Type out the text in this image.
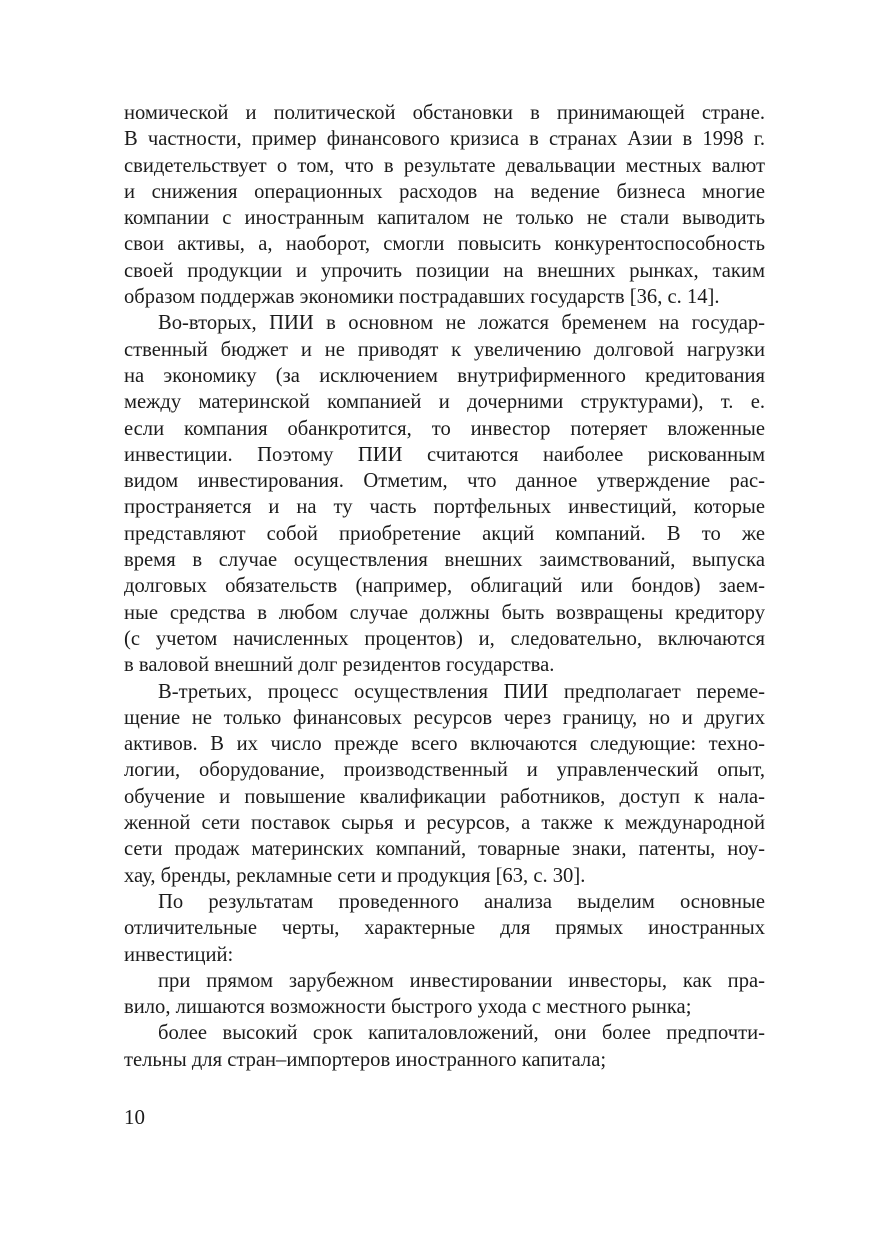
номической и политической обстановки в принимающей стране.
В частности, пример финансового кризиса в странах Азии в 1998 г.
свидетельствует о том, что в результате девальвации местных валют
и снижения операционных расходов на ведение бизнеса многие
компании с иностранным капиталом не только не стали выводить
свои активы, а, наоборот, смогли повысить конкурентоспособность
своей продукции и упрочить позиции на внешних рынках, таким
образом поддержав экономики пострадавших государств [36, с. 14].

Во-вторых, ПИИ в основном не ложатся бременем на государ-
ственный бюджет и не приводят к увеличению долговой нагрузки
на экономику (за исключением внутрифирменного кредитования
между материнской компанией и дочерними структурами), т. е.
если компания обанкротится, то инвестор потеряет вложенные
инвестиции. Поэтому ПИИ считаются наиболее рискованным
видом инвестирования. Отметим, что данное утверждение рас-
пространяется и на ту часть портфельных инвестиций, которые
представляют собой приобретение акций компаний. В то же
время в случае осуществления внешних заимствований, выпуска
долговых обязательств (например, облигаций или бондов) заем-
ные средства в любом случае должны быть возвращены кредитору
(с учетом начисленных процентов) и, следовательно, включаются
в валовой внешний долг резидентов государства.

В-третьих, процесс осуществления ПИИ предполагает переме-
щение не только финансовых ресурсов через границу, но и других
активов. В их число прежде всего включаются следующие: техно-
логии, оборудование, производственный и управленческий опыт,
обучение и повышение квалификации работников, доступ к нала-
женной сети поставок сырья и ресурсов, а также к международной
сети продаж материнских компаний, товарные знаки, патенты, ноу-
хау, бренды, рекламные сети и продукция [63, с. 30].

По результатам проведенного анализа выделим основные
отличительные черты, характерные для прямых иностранных
инвестиций:

при прямом зарубежном инвестировании инвесторы, как пра-
вило, лишаются возможности быстрого ухода с местного рынка;

более высокий срок капиталовложений, они более предпочти-
тельны для стран–импортеров иностранного капитала;

10
